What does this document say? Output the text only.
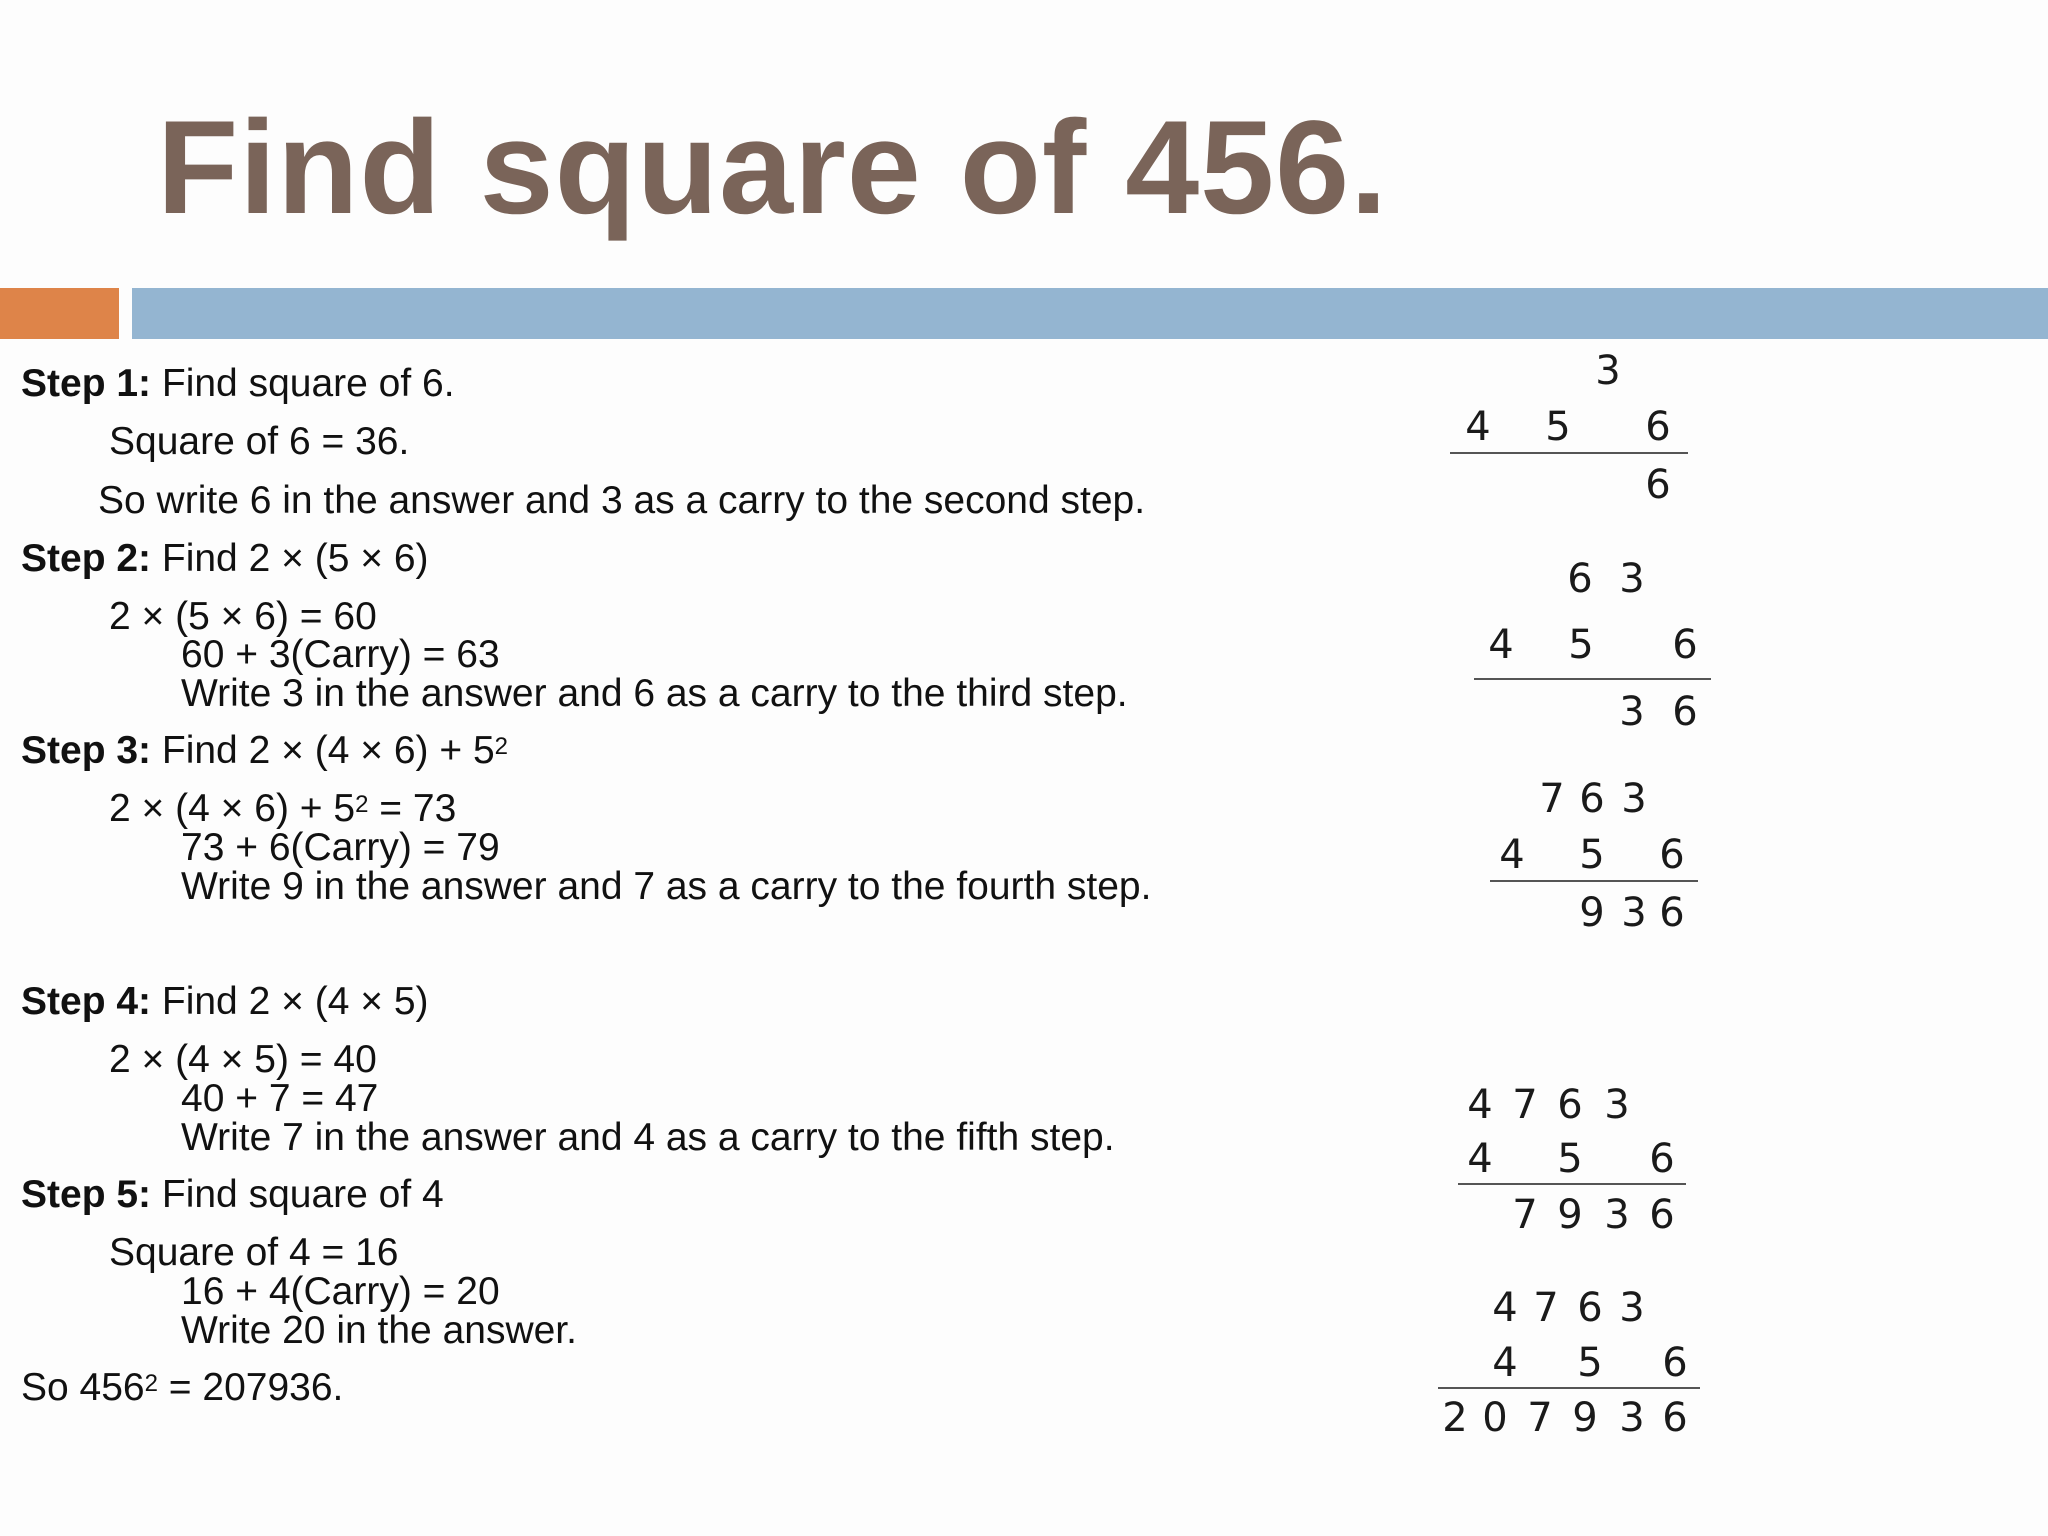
Find square of 456.
Step 1: Find square of 6.
Square of 6 = 36.
So write 6 in the answer and 3 as a carry to the second step.
Step 2: Find 2 × (5 × 6)
2 × (5 × 6) = 60
60 + 3(Carry) = 63
Write 3 in the answer and 6 as a carry to the third step.
Step 3: Find $2 \times (4 \times 6) + 5^2$
$2 \times (4 \times 6) + 5^2 = 73$
73 + 6(Carry) = 79
Write 9 in the answer and 7 as a carry to the fourth step.
Step 4: Find 2 × (4 × 5)
2 × (4 × 5) = 40
40 + 7 = 47
Write 7 in the answer and 4 as a carry to the fifth step.
Step 5: Find square of 4
Square of 4 = 16
16 + 4(Carry) = 20
Write 20 in the answer.
So $456^2 = 207936$.
3
4 5 6
6
6 3
4 5 6
3 6
7 6 3
4 5 6
9 3 6
4 7 6 3
4 5 6
7 9 3 6
4 7 6 3
4 5 6
2 0 7 9 3 6
